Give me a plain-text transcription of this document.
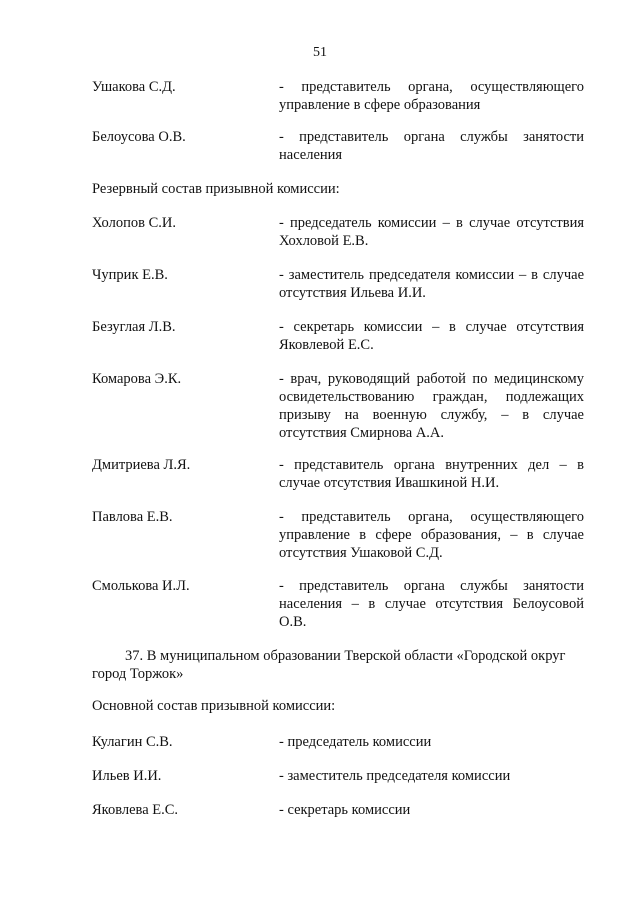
51
Ушакова С.Д.	- представитель органа, осуществляющего управление в сфере образования
Белоусова О.В.	- представитель органа службы занятости населения
Резервный состав призывной комиссии:
Холопов С.И.	- председатель комиссии – в случае отсутствия Хохловой Е.В.
Чуприк Е.В.	- заместитель председателя комиссии – в случае отсутствия Ильева И.И.
Безуглая Л.В.	- секретарь комиссии – в случае отсутствия Яковлевой Е.С.
Комарова Э.К.	- врач, руководящий работой по медицинскому освидетельствованию граждан, подлежащих призыву на военную службу, – в случае отсутствия Смирнова А.А.
Дмитриева Л.Я.	- представитель органа внутренних дел – в случае отсутствия Ивашкиной Н.И.
Павлова Е.В.	- представитель органа, осуществляющего управление в сфере образования, – в случае отсутствия Ушаковой С.Д.
Смолькова И.Л.	- представитель органа службы занятости населения – в случае отсутствия Белоусовой О.В.
37. В муниципальном образовании Тверской области «Городской округ город Торжок»
Основной состав призывной комиссии:
Кулагин С.В.	- председатель комиссии
Ильев И.И.	- заместитель председателя комиссии
Яковлева Е.С.	- секретарь комиссии
